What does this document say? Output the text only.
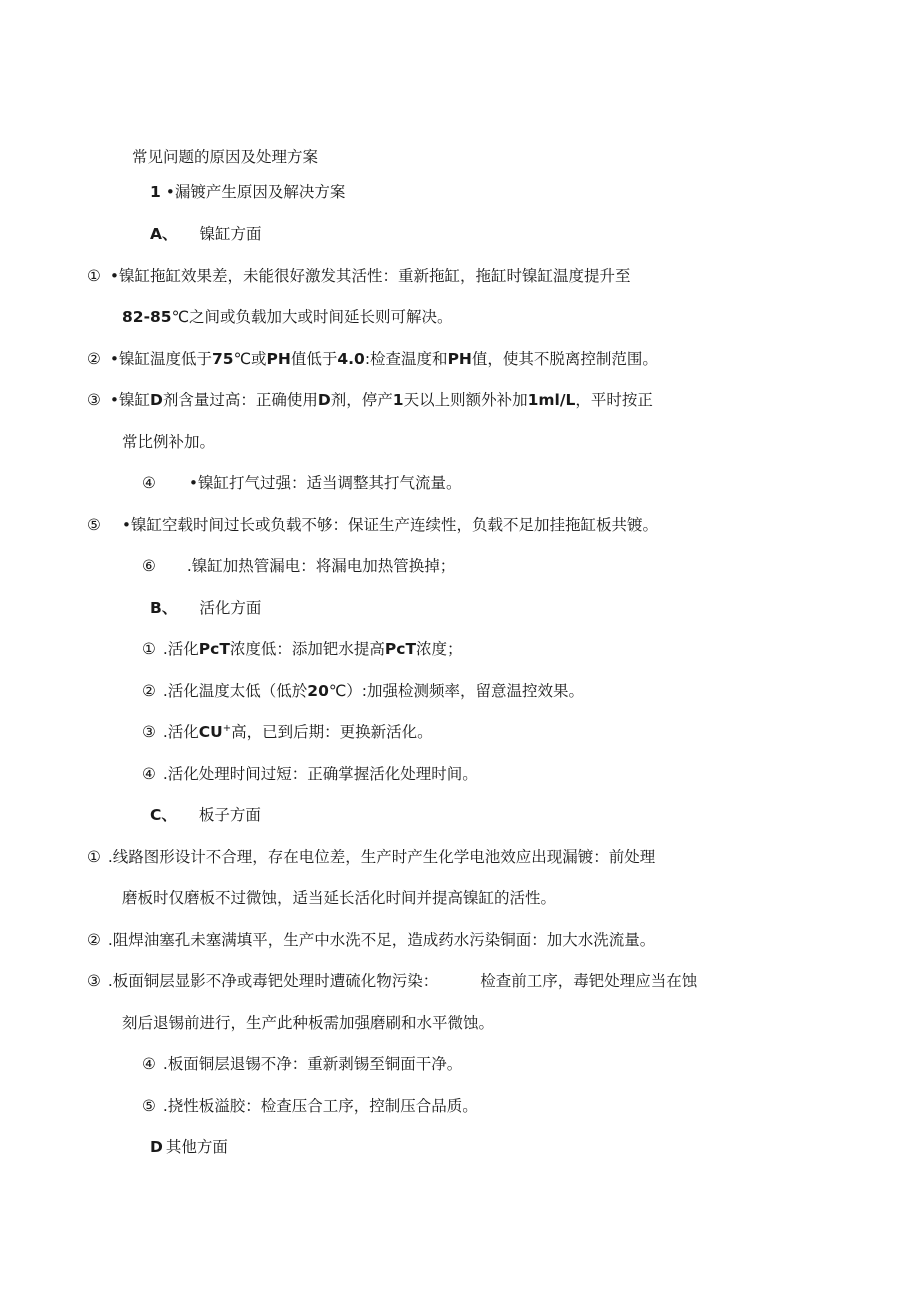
常见问题的原因及处理方案
1 •漏镀产生原因及解决方案
A、 镍缸方面
① •镍缸拖缸效果差，未能很好激发其活性：重新拖缸，拖缸时镍缸温度提升至
82-85℃之间或负载加大或时间延长则可解决。
② •镍缸温度低于75℃或PH值低于4.0:检查温度和PH值，使其不脱离控制范围。
③ •镍缸D剂含量过高：正确使用D剂，停产1天以上则额外补加1ml/L，平时按正
常比例补加。
④ •镍缸打气过强：适当调整其打气流量。
⑤ •镍缸空载时间过长或负载不够：保证生产连续性，负载不足加挂拖缸板共镀。
⑥ .镍缸加热管漏电：将漏电加热管换掉；
B、 活化方面
① .活化PcT浓度低：添加钯水提高PcT浓度；
② .活化温度太低（低於20℃）:加强检测频率，留意温控效果。
③ .活化CU+高，已到后期：更换新活化。
④ .活化处理时间过短：正确掌握活化处理时间。
C、 板子方面
① .线路图形设计不合理，存在电位差，生产时产生化学电池效应出现漏镀：前处理
磨板时仅磨板不过微蚀，适当延长活化时间并提高镍缸的活性。
② .阻焊油塞孔未塞满填平，生产中水洗不足，造成药水污染铜面：加大水洗流量。
③ .板面铜层显影不净或毒钯处理时遭硫化物污染：	检查前工序，毒钯处理应当在蚀
刻后退锡前进行，生产此种板需加强磨刷和水平微蚀。
④ .板面铜层退锡不净：重新剥锡至铜面干净。
⑤ .挠性板溢胶：检查压合工序，控制压合品质。
D 其他方面
